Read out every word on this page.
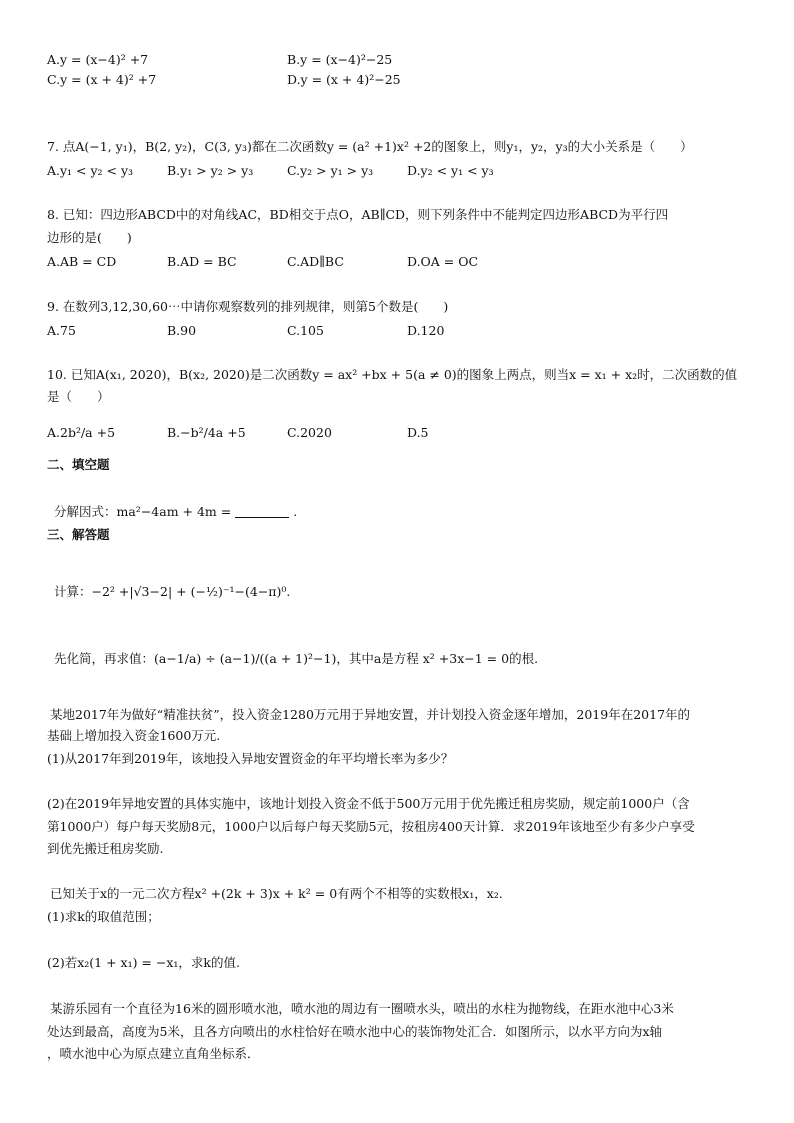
A.y = (x−4)² +7	B.y = (x−4)²−25
C.y = (x + 4)² +7	D.y = (x + 4)²−25
7. 点A(−1, y₁)，B(2, y₂)，C(3, y₃)都在二次函数y = (a² +1)x² +2的图象上，则y₁，y₂，y₃的大小关系是（　　）
A.y₁ < y₂ < y₃	B.y₁ > y₂ > y₃	C.y₂ > y₁ > y₃	D.y₂ < y₁ < y₃
8. 已知：四边形ABCD中的对角线AC，BD相交于点O，AB∥CD，则下列条件中不能判定四边形ABCD为平行四
边形的是(　　)
A.AB = CD	B.AD = BC	C.AD∥BC	D.OA = OC
9. 在数列3,12,30,60⋯中请你观察数列的排列规律，则第5个数是(　　)
A.75	B.90	C.105	D.120
10. 已知A(x₁, 2020)，B(x₂, 2020)是二次函数y = ax² +bx + 5(a ≠ 0)的图象上两点，则当x = x₁ + x₂时，二次函数的值
是（　　）
A.2b²/a +5	B.−b²/4a +5	C.2020	D.5
二、填空题
分解因式：ma²−4am + 4m =	.
三、解答题
计算：−2² +|√3−2| + (−½)⁻¹−(4−π)⁰.
先化简，再求值：(a−1/a) ÷ (a−1)/((a + 1)²−1)，其中a是方程 x² +3x−1 = 0的根.
某地2017年为做好“精准扶贫”，投入资金1280万元用于异地安置，并计划投入资金逐年增加，2019年在2017年的
基础上增加投入资金1600万元.
(1)从2017年到2019年，该地投入异地安置资金的年平均增长率为多少？
(2)在2019年异地安置的具体实施中，该地计划投入资金不低于500万元用于优先搬迁租房奖励，规定前1000户（含
第1000户）每户每天奖励8元，1000户以后每户每天奖励5元，按租房400天计算．求2019年该地至少有多少户享受
到优先搬迁租房奖励.
已知关于x的一元二次方程x² +(2k + 3)x + k² = 0有两个不相等的实数根x₁，x₂.
(1)求k的取值范围；
(2)若x₂(1 + x₁) = −x₁，求k的值.
某游乐园有一个直径为16米的圆形喷水池，喷水池的周边有一圈喷水头，喷出的水柱为抛物线，在距水池中心3米
处达到最高，高度为5米，且各方向喷出的水柱恰好在喷水池中心的装饰物处汇合．如图所示，以水平方向为x轴
，喷水池中心为原点建立直角坐标系．
